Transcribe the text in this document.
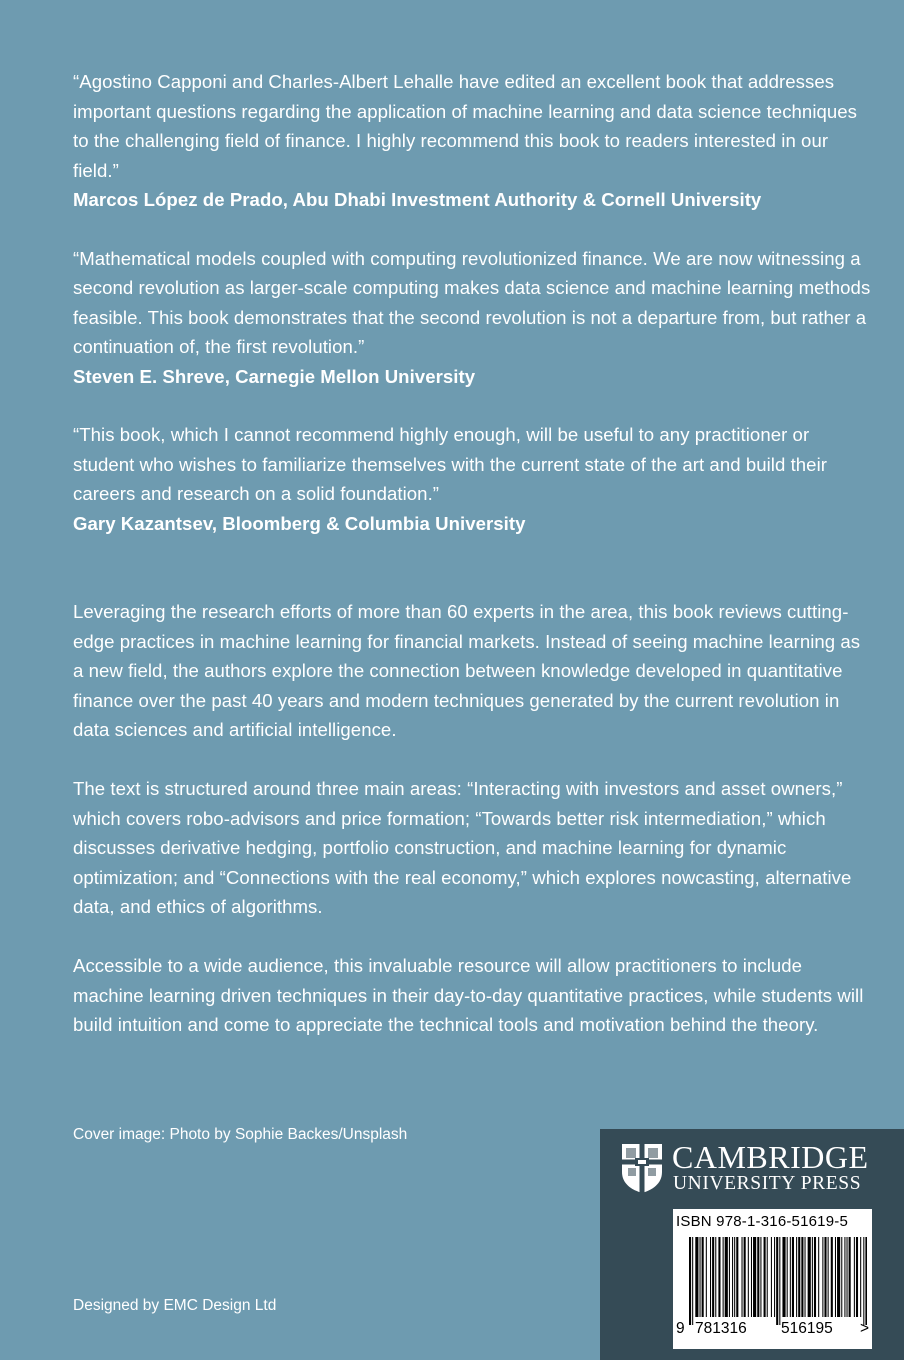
“Agostino Capponi and Charles-Albert Lehalle have edited an excellent book that addresses important questions regarding the application of machine learning and data science techniques to the challenging field of finance. I highly recommend this book to readers interested in our field.”

Marcos López de Prado, Abu Dhabi Investment Authority & Cornell University

“Mathematical models coupled with computing revolutionized finance. We are now witnessing a second revolution as larger-scale computing makes data science and machine learning methods feasible. This book demonstrates that the second revolution is not a departure from, but rather a continuation of, the first revolution.”

Steven E. Shreve, Carnegie Mellon University

“This book, which I cannot recommend highly enough, will be useful to any practitioner or student who wishes to familiarize themselves with the current state of the art and build their careers and research on a solid foundation.”

Gary Kazantsev, Bloomberg & Columbia University

Leveraging the research efforts of more than 60 experts in the area, this book reviews cutting-edge practices in machine learning for financial markets. Instead of seeing machine learning as a new field, the authors explore the connection between knowledge developed in quantitative finance over the past 40 years and modern techniques generated by the current revolution in data sciences and artificial intelligence.

The text is structured around three main areas: “Interacting with investors and asset owners,” which covers robo-advisors and price formation; “Towards better risk intermediation,” which discusses derivative hedging, portfolio construction, and machine learning for dynamic optimization; and “Connections with the real economy,” which explores nowcasting, alternative data, and ethics of algorithms.

Accessible to a wide audience, this invaluable resource will allow practitioners to include machine learning driven techniques in their day-to-day quantitative practices, while students will build intuition and come to appreciate the technical tools and motivation behind the theory.

Cover image: Photo by Sophie Backes/Unsplash
Designed by EMC Design Ltd
CAMBRIDGE
UNIVERSITY PRESS
ISBN 978-1-316-51619-5
9 781316 516195 >
